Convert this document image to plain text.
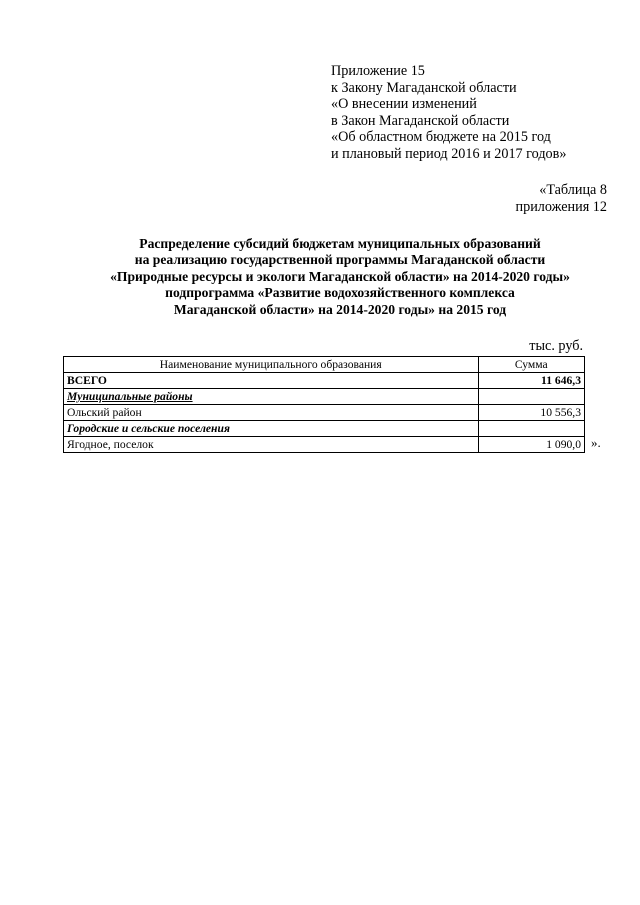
Приложение 15
к Закону Магаданской области
«О внесении изменений
в Закон Магаданской области
«Об областном бюджете на 2015 год
и плановый период 2016 и 2017 годов»
«Таблица 8
приложения 12
Распределение субсидий бюджетам муниципальных образований
на реализацию государственной программы Магаданской области
«Природные ресурсы и экологи Магаданской области» на 2014-2020 годы»
подпрограмма «Развитие водохозяйственного комплекса
Магаданской области» на 2014-2020 годы» на 2015 год
тыс. руб.
Наименование муниципального образования	Сумма
ВСЕГО	11 646,3
Муниципальные районы	
Ольский район	10 556,3
Городские и сельские поселения	
Ягодное, поселок	1 090,0 ».
